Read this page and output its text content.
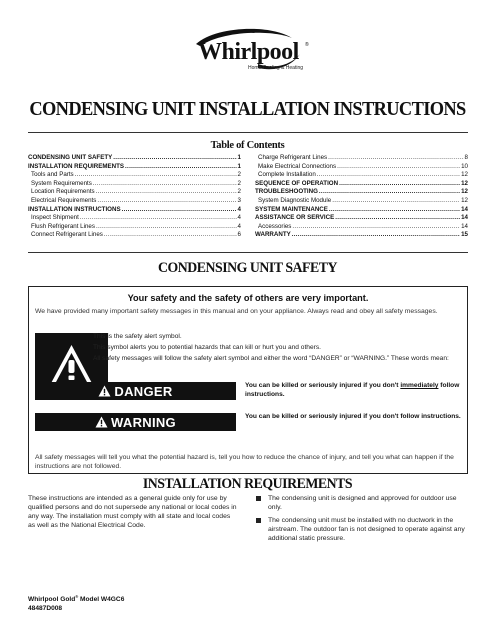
Whirlpool ®
Home Cooling & Heating
CONDENSING UNIT INSTALLATION INSTRUCTIONS
Table of Contents
CONDENSING UNIT SAFETY .....	1
INSTALLATION REQUIREMENTS .....	1
Tools and Parts .....	2
System Requirements .....	2
Location Requirements .....	2
Electrical Requirements .....	3
INSTALLATION INSTRUCTIONS .....	4
Inspect Shipment .....	4
Flush Refrigerant Lines .....	4
Connect Refrigerant Lines .....	6
Charge Refrigerant Lines .....	8
Make Electrical Connections .....	10
Complete Installation .....	12
SEQUENCE OF OPERATION .....	12
TROUBLESHOOTING .....	12
System Diagnostic Module .....	12
SYSTEM MAINTENANCE .....	14
ASSISTANCE OR SERVICE .....	14
Accessories .....	14
WARRANTY .....	15
CONDENSING UNIT SAFETY
Your safety and the safety of others are very important.
We have provided many important safety messages in this manual and on your appliance. Always read and obey all safety messages.

This is the safety alert symbol.

This symbol alerts you to potential hazards that can kill or hurt you and others.

All safety messages will follow the safety alert symbol and either the word “DANGER” or “WARNING.” These words mean:

DANGER	You can be killed or seriously injured if you don't immediately follow instructions.
WARNING	You can be killed or seriously injured if you don't follow instructions.
All safety messages will tell you what the potential hazard is, tell you how to reduce the chance of injury, and tell you what can happen if the instructions are not followed.
INSTALLATION REQUIREMENTS

These instructions are intended as a general guide only for use by qualified persons and do not supersede any national or local codes in any way. The installation must comply with all state and local codes as well as the National Electrical Code.

The condensing unit is designed and approved for outdoor use only.
The condensing unit must be installed with no ductwork in the airstream. The outdoor fan is not designed to operate against any additional static pressure.
Whirlpool Gold® Model W4GC6
48487D008
